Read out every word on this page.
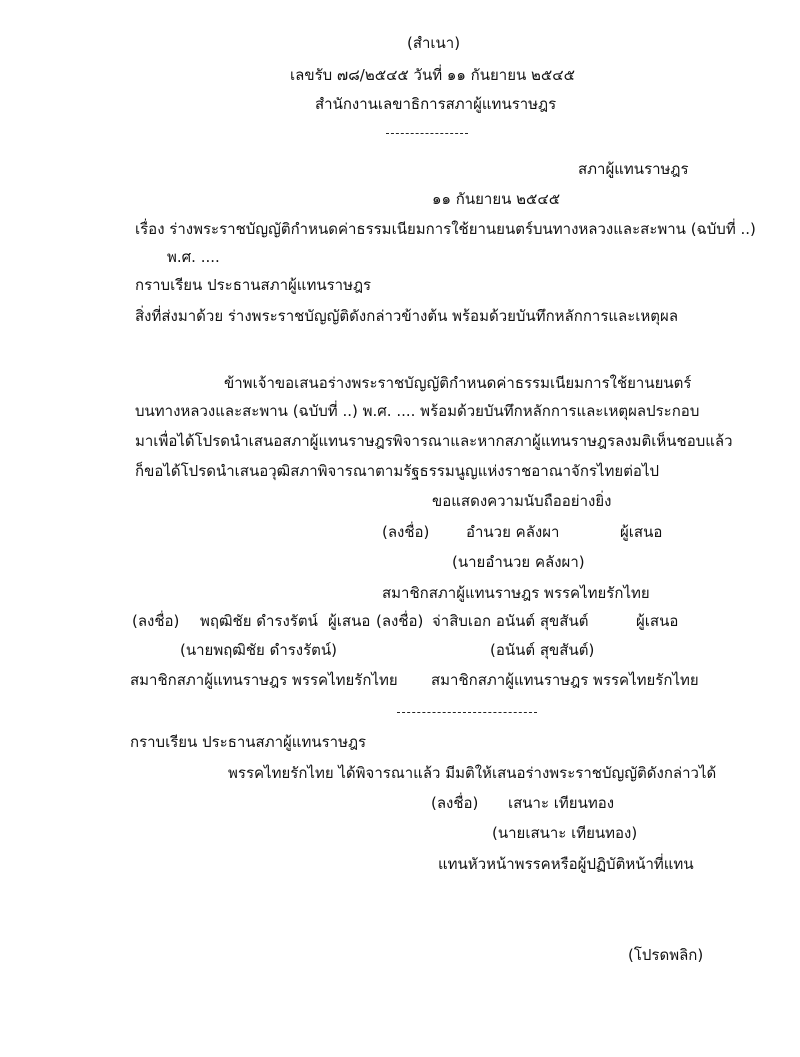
(สำเนา)
เลขรับ ๗๘/๒๕๔๕ วันที่ ๑๑ กันยายน ๒๕๔๕
สำนักงานเลขาธิการสภาผู้แทนราษฎร
สภาผู้แทนราษฎร
๑๑ กันยายน ๒๕๔๕
เรื่อง ร่างพระราชบัญญัติกำหนดค่าธรรมเนียมการใช้ยานยนตร์บนทางหลวงและสะพาน (ฉบับที่ ..)
พ.ศ. ....
กราบเรียน ประธานสภาผู้แทนราษฎร
สิ่งที่ส่งมาด้วย ร่างพระราชบัญญัติดังกล่าวข้างต้น พร้อมด้วยบันทึกหลักการและเหตุผล
ข้าพเจ้าขอเสนอร่างพระราชบัญญัติกำหนดค่าธรรมเนียมการใช้ยานยนตร์
บนทางหลวงและสะพาน (ฉบับที่ ..) พ.ศ. .... พร้อมด้วยบันทึกหลักการและเหตุผลประกอบ
มาเพื่อได้โปรดนำเสนอสภาผู้แทนราษฎรพิจารณาและหากสภาผู้แทนราษฎรลงมติเห็นชอบแล้ว
ก็ขอได้โปรดนำเสนอวุฒิสภาพิจารณาตามรัฐธรรมนูญแห่งราชอาณาจักรไทยต่อไป
ขอแสดงความนับถืออย่างยิ่ง
(ลงชื่อ) อำนวย คลังผา	ผู้เสนอ
(นายอำนวย คลังผา)
สมาชิกสภาผู้แทนราษฎร พรรคไทยรักไทย
(ลงชื่อ) พฤฒิชัย ดำรงรัตน์ ผู้เสนอ (ลงชื่อ) จ่าสิบเอก อนันต์ สุขสันต์	ผู้เสนอ
(นายพฤฒิชัย ดำรงรัตน์)	(อนันต์ สุขสันต์)
สมาชิกสภาผู้แทนราษฎร พรรคไทยรักไทย สมาชิกสภาผู้แทนราษฎร พรรคไทยรักไทย
กราบเรียน ประธานสภาผู้แทนราษฎร
พรรคไทยรักไทย ได้พิจารณาแล้ว มีมติให้เสนอร่างพระราชบัญญัติดังกล่าวได้
(ลงชื่อ) เสนาะ เทียนทอง
(นายเสนาะ เทียนทอง)
แทนหัวหน้าพรรคหรือผู้ปฏิบัติหน้าที่แทน
(โปรดพลิก)
